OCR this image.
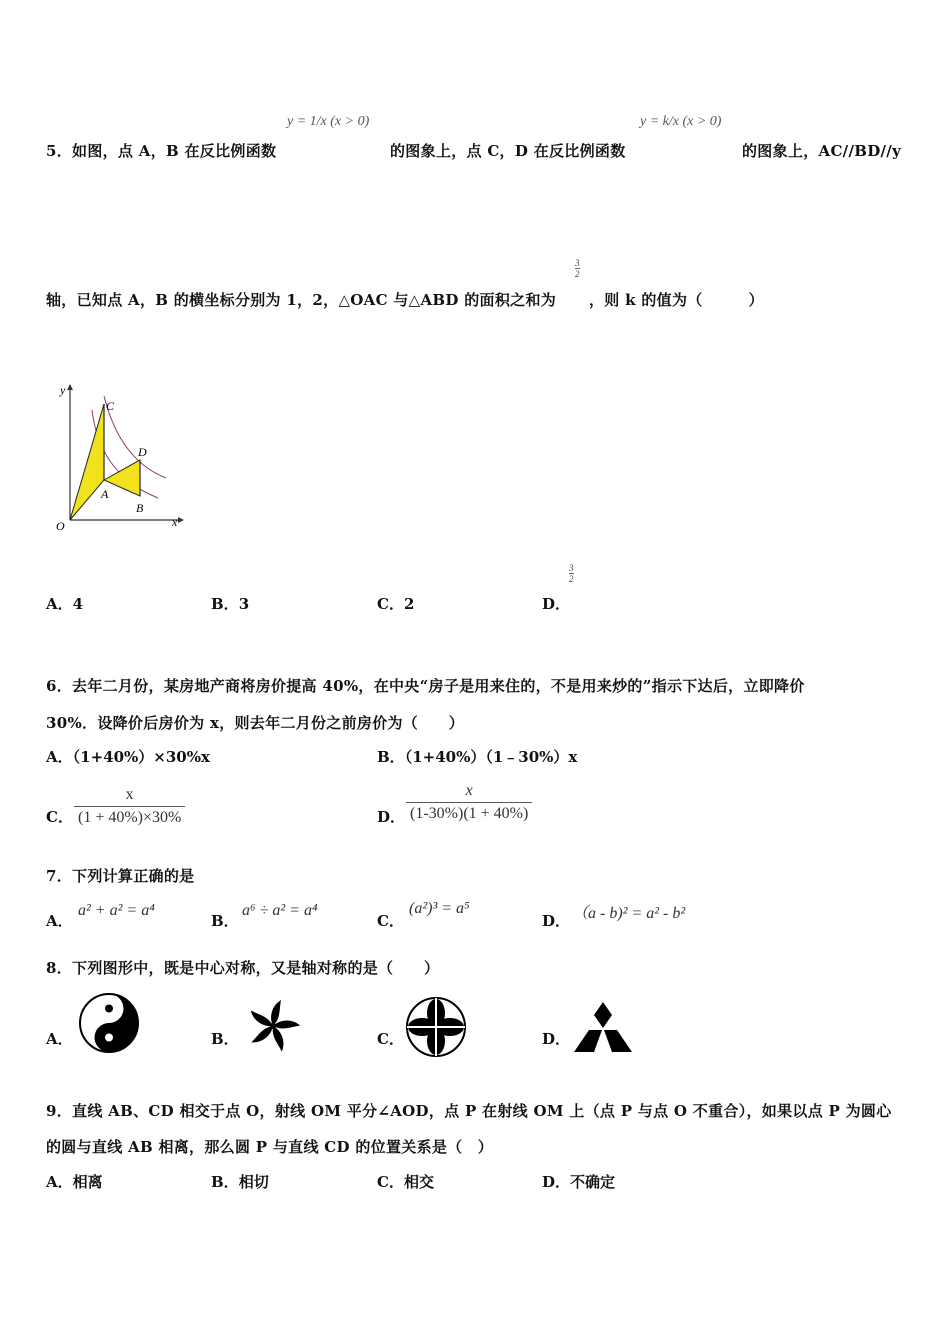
y = 1/x (x > 0)	y = k/x (x > 0)
5．如图，点 A，B 在反比例函数	的图象上，点 C，D 在反比例函数	的图象上，AC//BD//y
$\frac{3}{2}$
轴，已知点 A，B 的横坐标分别为 1，2，△OAC 与△ABD 的面积之和为 ，则 k 的值为（　　　）
y
x
O
C
D
A
B
A．4	B．3	C．2	D．
$\frac{3}{2}$
6．去年二月份，某房地产商将房价提高 40%，在中央“房子是用来住的，不是用来炒的”指示下达后，立即降价
30%．设降价后房价为 x，则去年二月份之前房价为（　　）
A．（1+40%）×30%x	B．（1+40%）（1﹣30%）x
C． $\frac{x}{(1 + 40\%)\times 30\%}$	D． $\frac{x}{(1-30\%)(1 + 40\%)}$
7．下列计算正确的是
A．
a² + a² = a⁴
B．
a⁶ ÷ a² = a⁴
C．
(a²)³ = a⁵
D． （a - b)² = a² - b²
8．下列图形中，既是中心对称，又是轴对称的是（　　）
A．	B．	C．	D．
9．直线 AB、CD 相交于点 O，射线 OM 平分∠AOD，点 P 在射线 OM 上（点 P 与点 O 不重合），如果以点 P 为圆心
的圆与直线 AB 相离，那么圆 P 与直线 CD 的位置关系是（　）
A．相离	B．相切	C．相交	D．不确定
